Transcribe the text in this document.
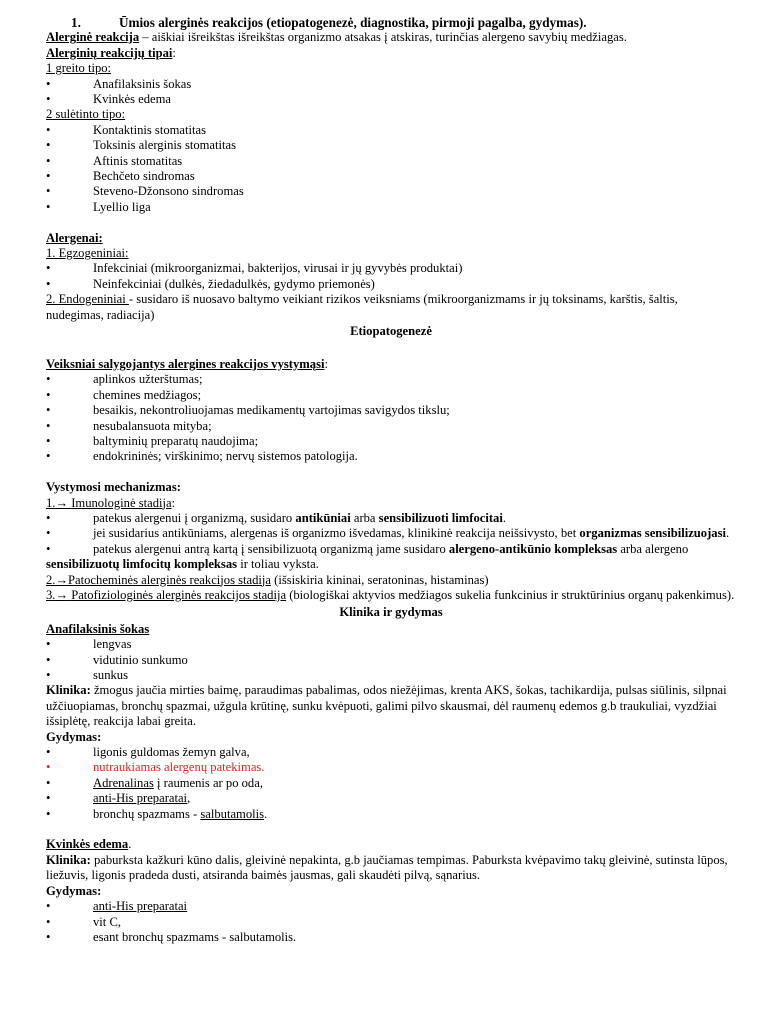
1.	Ūmios alerginės reakcijos (etiopatogenezė, diagnostika, pirmoji pagalba, gydymas).
Alerginė reakcija – aiškiai išreikštas išreikštas organizmo atsakas į atskiras, turinčias alergeno savybių medžiagas.
Alerginių reakcijų tipai:
1 greito tipo:
•	Anafilaksinis šokas
•	Kvinkės edema
2 sulėtinto tipo:
•	Kontaktinis stomatitas
•	Toksinis alerginis stomatitas
•	Aftinis stomatitas
•	Bechčeto sindromas
•	Steveno-Džonsono sindromas
•	Lyellio liga
Alergenai:
1. Egzogeniniai:
•	Infekciniai (mikroorganizmai, bakterijos, virusai ir jų gyvybės produktai)
•	Neinfekciniai (dulkės, žiedadulkės, gydymo priemonės)
2. Endogeniniai - susidaro iš nuosavo baltymo veikiant rizikos veiksniams (mikroorganizmams ir jų toksinams, karštis, šaltis, nudegimas, radiacija)
Etiopatogenezė
Veiksniai salygojantys alergines reakcijos vystymąsi:
•	aplinkos užterštumas;
•	chemines medžiagos;
•	besaikis, nekontroliuojamas medikamentų vartojimas savigydos tikslu;
•	nesubalansuota mityba;
•	baltyminių preparatų naudojima;
•	endokrininės; virškinimo; nervų sistemos patologija.
Vystymosi mechanizmas:
1.→ Imunologinė stadija:
•	patekus alergenui į organizmą, susidaro antikūniai arba sensibilizuoti limfocitai.
•	jei susidarius antikūniams, alergenas iš organizmo išvedamas, klinikinė reakcija neišsivysto, bet organizmas sensibilizuojasi.
•	patekus alergenui antrą kartą į sensibilizuotą organizmą jame susidaro alergeno-antikūnio kompleksas arba alergeno sensibilizuotų limfocitų kompleksas ir toliau vyksta.
2.→Patocheminės alerginės reakcijos stadija (išsiskiria kininai, seratoninas, histaminas)
3.→ Patofiziologinės alerginės reakcijos stadija (biologiškai aktyvios medžiagos sukelia funkcinius ir struktūrinius organų pakenkimus).
Klinika ir gydymas
Anafilaksinis šokas
•	lengvas
•	vidutinio sunkumo
•	sunkus
Klinika: žmogus jaučia mirties baimę, paraudimas pabalimas, odos niežėjimas, krenta AKS, šokas, tachikardija, pulsas siūlinis, silpnai užčiuopiamas, bronchų spazmai, užgula krūtinę, sunku kvėpuoti, galimi pilvo skausmai, dėl raumenų edemos g.b traukuliai, vyzdžiai išsiplėtę, reakcija labai greita.
Gydymas:
•	ligonis guldomas žemyn galva,
•	nutraukiamas alergenų patekimas.
•	Adrenalinas į raumenis ar po oda,
•	anti-His preparatai,
•	bronchų spazmams - salbutamolis.
Kvinkės edema.
Klinika: paburksta kažkuri kūno dalis, gleivinė nepakinta, g.b jaučiamas tempimas. Paburksta kvėpavimo takų gleivinė, sutinsta lūpos, liežuvis, ligonis pradeda dusti, atsiranda baimės jausmas, gali skaudėti pilvą, sąnarius.
Gydymas:
•	anti-His preparatai
•	vit C,
•	esant bronchų spazmams - salbutamolis.
